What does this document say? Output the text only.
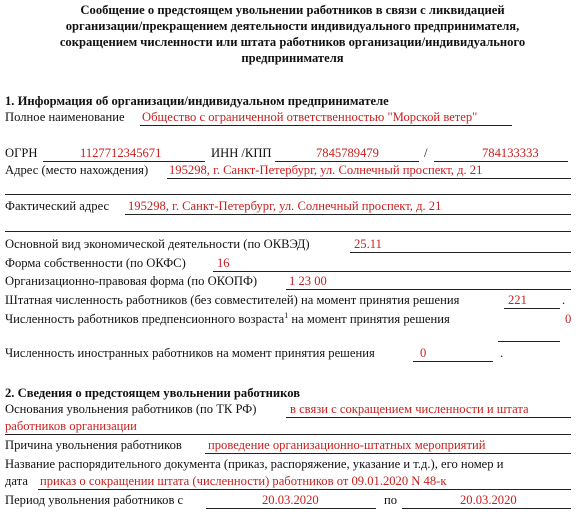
Сообщение о предстоящем увольнении работников в связи с ликвидацией
организации/прекращением деятельности индивидуального предпринимателя,
сокращением численности или штата работников организации/индивидуального
предпринимателя
1. Информация об организации/индивидуальном предпринимателе
Полное наименование Общество с ограниченной ответственностью "Морской ветер"
ОГРН	1127712345671	ИНН /КПП	7845789479	/	784133333
Адрес (место нахождения) 195298, г. Санкт-Петербург, ул. Солнечный проспект, д. 21
Фактический адрес 195298, г. Санкт-Петербург, ул. Солнечный проспект, д. 21
Основной вид экономической деятельности (по ОКВЭД)	25.11
Форма собственности (по ОКФС) 16
Организационно-правовая форма (по ОКОПФ)	1 23 00
Штатная численность работников (без совместителей) на момент принятия решения	221	.
Численность работников предпенсионного возраста$^1$ на момент принятия решения	0
Численность иностранных работников на момент принятия решения	0	.
2. Сведения о предстоящем увольнении работников
Основания увольнения работников (по ТК РФ)	в связи с сокращением численности и штата
работников организации
Причина увольнения работников проведение организационно-штатных мероприятий
Название распорядительного документа (приказ, распоряжение, указание и т.д.), его номер и
дата приказ о сокращении штата (численности) работников от 09.01.2020 N 48-к
Период увольнения работников с	20.03.2020	по	20.03.2020
